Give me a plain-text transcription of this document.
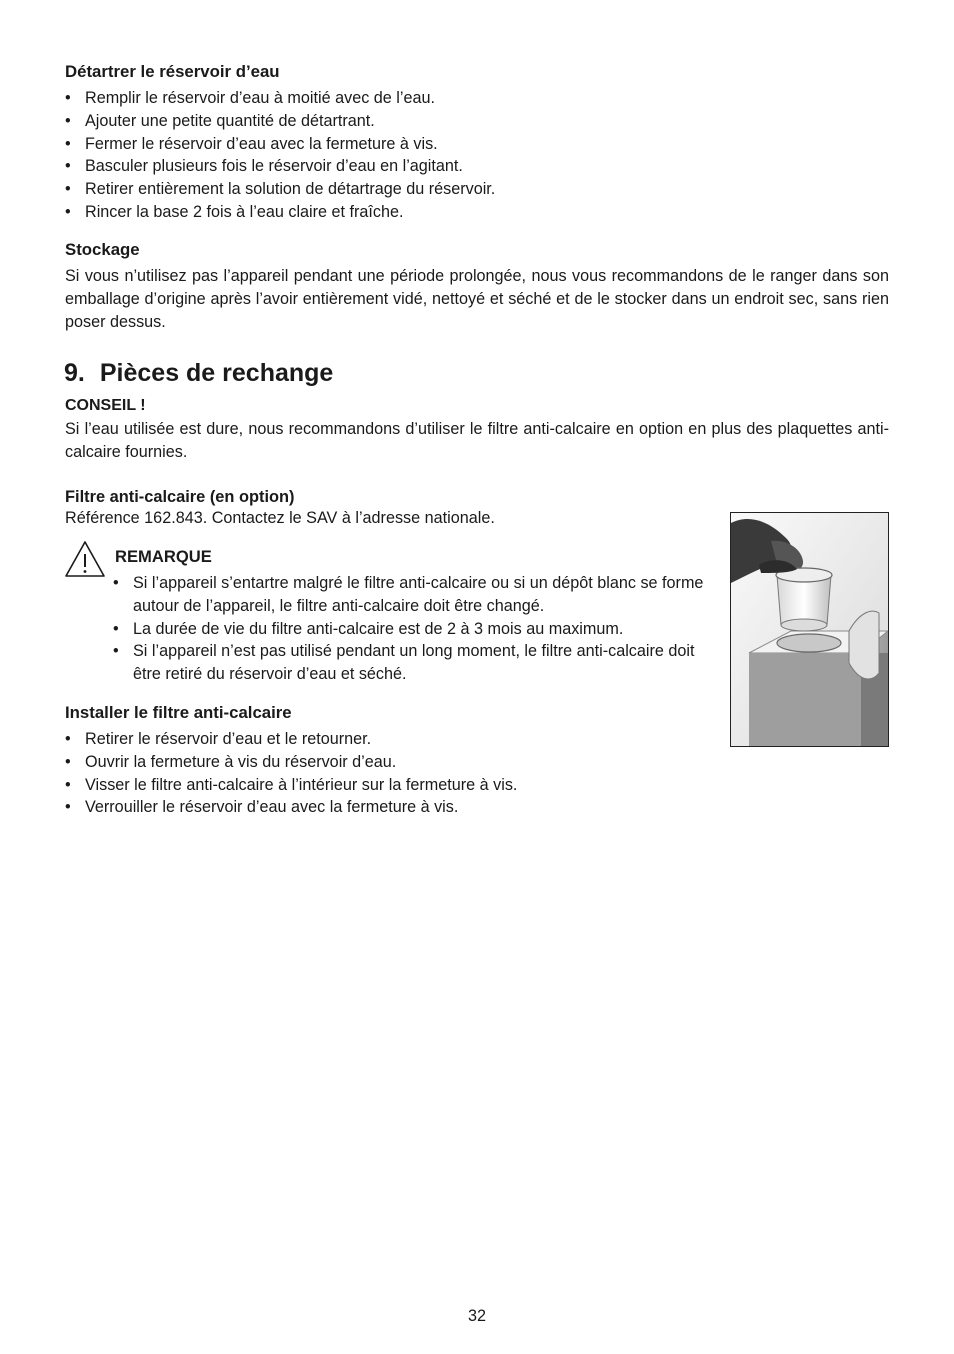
Détartrer le réservoir d’eau
• Remplir le réservoir d’eau à moitié avec de l’eau.
• Ajouter une petite quantité de détartrant.
• Fermer le réservoir d’eau avec la fermeture à vis.
• Basculer plusieurs fois le réservoir d’eau en l’agitant.
• Retirer entièrement la solution de détartrage du réservoir.
• Rincer la base 2 fois à l’eau claire et fraîche.
Stockage
Si vous n’utilisez pas l’appareil pendant une période prolongée, nous vous recommandons de le ranger dans son emballage d’origine après l’avoir entièrement vidé, nettoyé et séché et de le stocker dans un endroit sec, sans rien poser dessus.
9. Pièces de rechange
CONSEIL !
Si l’eau utilisée est dure, nous recommandons d’utiliser le filtre anti-calcaire en option en plus des plaquettes anti-calcaire fournies.
Filtre anti-calcaire (en option)
Référence 162.843. Contactez le SAV à l’adresse nationale.
REMARQUE
• Si l’appareil s’entartre malgré le filtre anti-calcaire ou si un dépôt blanc se forme autour de l’appareil, le filtre anti-calcaire doit être changé.
• La durée de vie du filtre anti-calcaire est de 2 à 3 mois au maximum.
• Si l’appareil n’est pas utilisé pendant un long moment, le filtre anti-calcaire doit être retiré du réservoir d’eau et séché.
Installer le filtre anti-calcaire
• Retirer le réservoir d’eau et le retourner.
• Ouvrir la fermeture à vis du réservoir d’eau.
• Visser le filtre anti-calcaire à l’intérieur sur la fermeture à vis.
• Verrouiller le réservoir d’eau avec la fermeture à vis.
32
